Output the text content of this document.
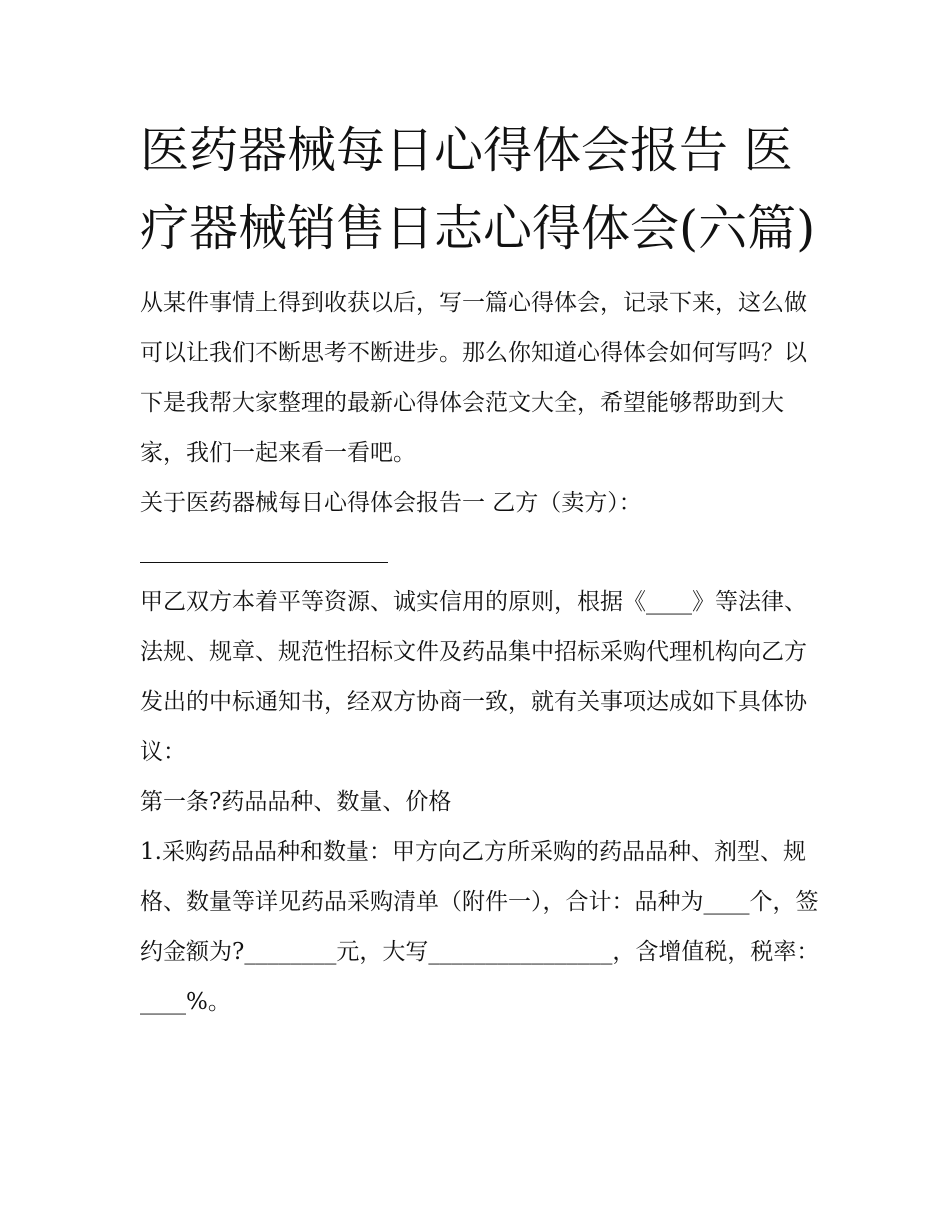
医药器械每日心得体会报告 医疗器械销售日志心得体会(六篇)

从某件事情上得到收获以后，写一篇心得体会，记录下来，这么做可以让我们不断思考不断进步。那么你知道心得体会如何写吗？以下是我帮大家整理的最新心得体会范文大全，希望能够帮助到大家，我们一起来看一看吧。

关于医药器械每日心得体会报告一 乙方（卖方）：

甲乙双方本着平等资源、诚实信用的原则，根据《____》等法律、法规、规章、规范性招标文件及药品集中招标采购代理机构向乙方发出的中标通知书，经双方协商一致，就有关事项达成如下具体协议：

第一条?药品品种、数量、价格

1.采购药品品种和数量：甲方向乙方所采购的药品品种、剂型、规格、数量等详见药品采购清单（附件一），合计：品种为____个，签约金额为?________元，大写________________，含增值税，税率：____%。
